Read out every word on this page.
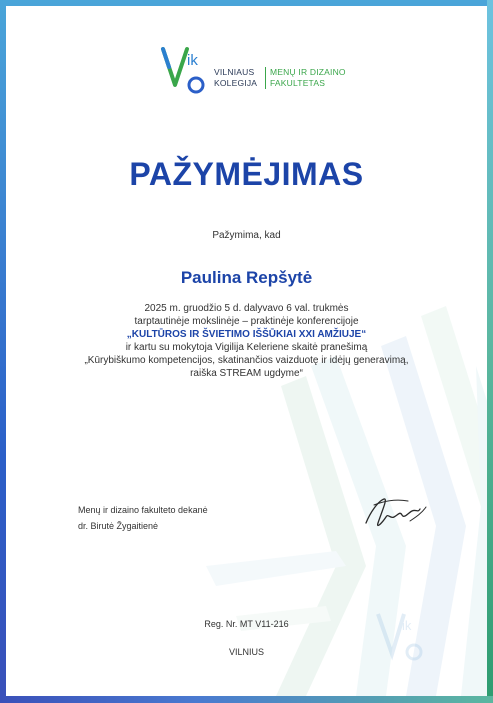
ik
ik
VILNIAUS
KOLEGIJA
MENŲ IR DIZAINO
FAKULTETAS
PAŽYMĖJIMAS
Pažymima, kad
Paulina Repšytė
2025 m. gruodžio 5 d. dalyvavo 6 val. trukmės
tarptautinėje mokslinėje – praktinėje konferencijoje
„KULTŪROS IR ŠVIETIMO IŠŠŪKIAI XXI AMŽIUJE“
ir kartu su mokytoja Vigilija Keleriene skaitė pranešimą
„Kūrybiškumo kompetencijos, skatinančios vaizduotę ir idėjų generavimą,
raiška STREAM ugdyme“
Menų ir dizaino fakulteto dekanė
dr. Birutė Žygaitienė
Reg. Nr. MT V11-216
VILNIUS
